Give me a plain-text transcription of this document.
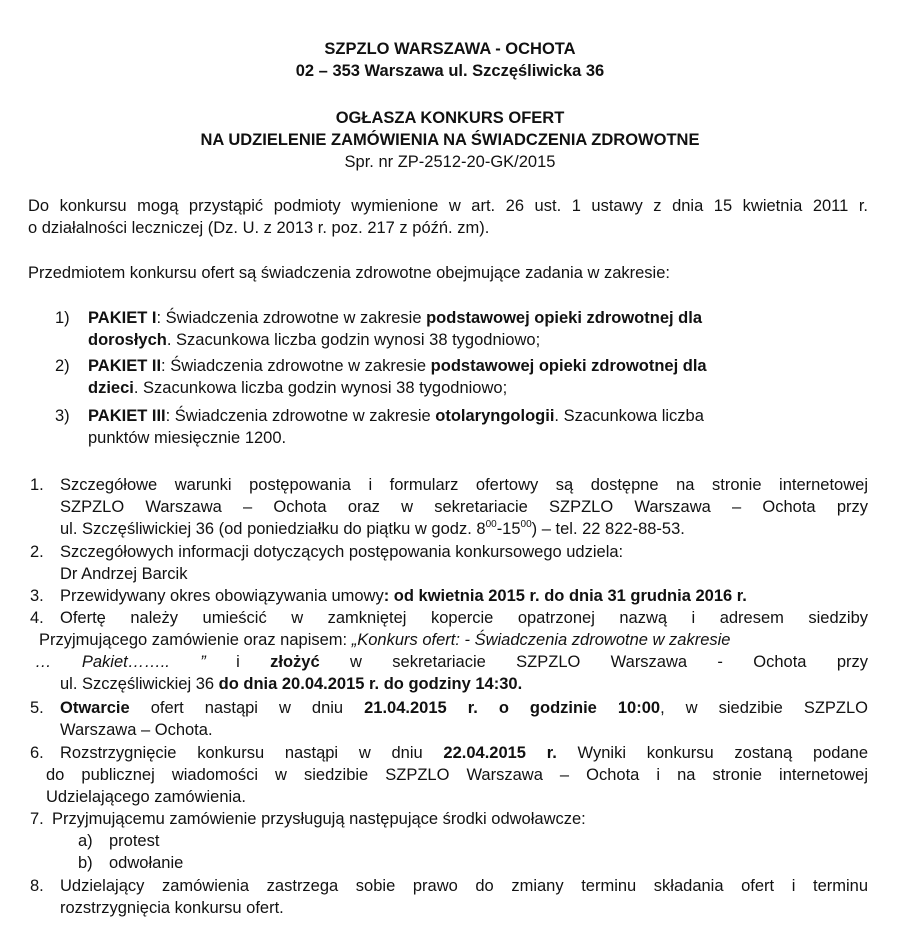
SZPZLO WARSZAWA - OCHOTA
02 – 353 Warszawa ul. Szczęśliwicka 36
OGŁASZA KONKURS OFERT
NA UDZIELENIE ZAMÓWIENIA NA ŚWIADCZENIA ZDROWOTNE
Spr. nr ZP-2512-20-GK/2015
Do konkursu mogą przystąpić podmioty wymienione w art. 26 ust. 1 ustawy z dnia 15 kwietnia 2011 r.
o działalności leczniczej (Dz. U. z 2013 r. poz. 217 z późń. zm).
Przedmiotem konkursu ofert są świadczenia zdrowotne obejmujące zadania w zakresie:
1) PAKIET I: Świadczenia zdrowotne w zakresie podstawowej opieki zdrowotnej dla
dorosłych. Szacunkowa liczba godzin wynosi 38 tygodniowo;
2) PAKIET II: Świadczenia zdrowotne w zakresie podstawowej opieki zdrowotnej dla
dzieci. Szacunkowa liczba godzin wynosi 38 tygodniowo;
3) PAKIET III: Świadczenia zdrowotne w zakresie otolaryngologii. Szacunkowa liczba
punktów miesięcznie 1200.
1. Szczegółowe warunki postępowania i formularz ofertowy są dostępne na stronie internetowej
SZPZLO Warszawa – Ochota oraz w sekretariacie SZPZLO Warszawa – Ochota przy
ul. Szczęśliwickiej 36 (od poniedziałku do piątku w godz. $8^{00}-15^{00}$) – tel. 22 822-88-53.
2. Szczegółowych informacji dotyczących postępowania konkursowego udziela:
Dr Andrzej Barcik
3. Przewidywany okres obowiązywania umowy: od kwietnia 2015 r. do dnia 31 grudnia 2016 r.
4. Ofertę należy umieścić w zamkniętej kopercie opatrzonej nazwą i adresem siedziby
Przyjmującego zamówienie oraz napisem: „Konkurs ofert: - Świadczenia zdrowotne w zakresie
… Pakiet…….. ” i złożyć w sekretariacie SZPZLO Warszawa - Ochota przy
ul. Szczęśliwickiej 36 do dnia 20.04.2015 r. do godziny 14:30.
5. Otwarcie ofert nastąpi w dniu 21.04.2015 r. o godzinie 10:00, w siedzibie SZPZLO
Warszawa – Ochota.
6. Rozstrzygnięcie konkursu nastąpi w dniu 22.04.2015 r. Wyniki konkursu zostaną podane
do publicznej wiadomości w siedzibie SZPZLO Warszawa – Ochota i na stronie internetowej
Udzielającego zamówienia.
7. Przyjmującemu zamówienie przysługują następujące środki odwoławcze:
a) protest
b) odwołanie
8. Udzielający zamówienia zastrzega sobie prawo do zmiany terminu składania ofert i terminu
rozstrzygnięcia konkursu ofert.
